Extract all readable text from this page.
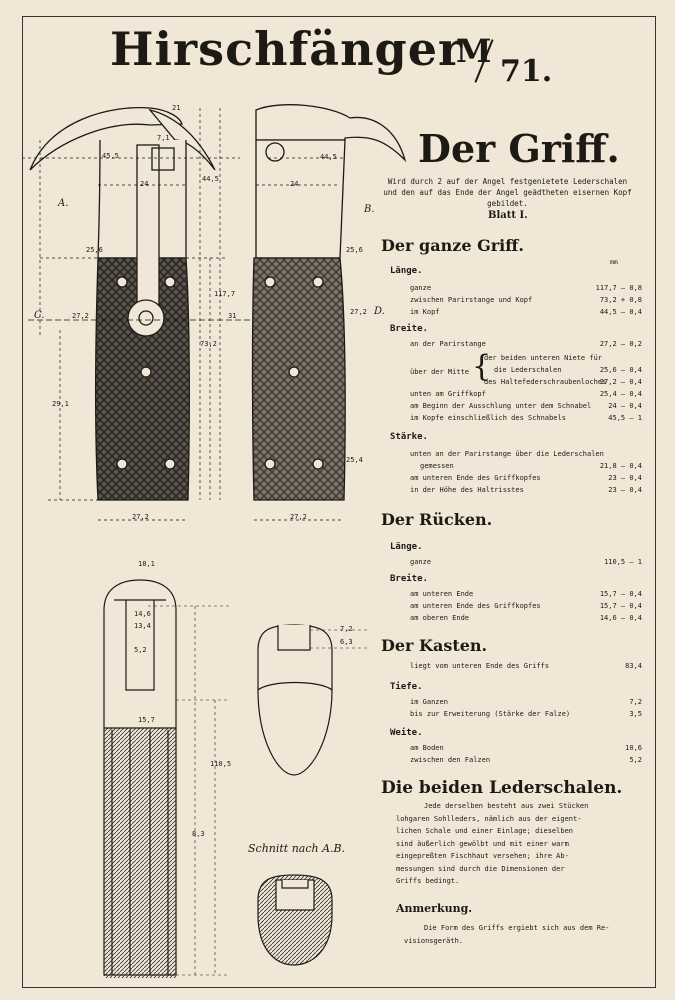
Hirschfänger
M
71.
A.
B.
C.	D.
Schnitt nach A.B.
21
7,1
45,5
24
44,5
25,6
27,2	31
117,7
73,2
29,1
27,2	27,2
44,5
24
25,6
27,2
25,4
18,1
14,6
13,4
5,2
15,7
110,5
8,3
7,2
6,3
Der Griff.
Wird durch 2 auf der Angel festgenietete Lederschalen und den auf das Ende der Angel geädtheten eisernen Kopf gebildet.
Blatt I.
Der ganze Griff.
mm
Länge.
ganze	117,7 — 0,8
zwischen Parirstange und Kopf	73,2 + 0,8
im Kopf	44,5 — 0,4
Breite.
an der Parirstange	27,2 — 0,2
über der Mitte {
der beiden unteren Niete für
die Lederschalen	25,6 — 0,4
des Haltefederschraubenloches
27,2 — 0,4
unten am Griffkopf	25,4 — 0,4
am Beginn der Ausschlung unter dem Schnabel 24 — 0,4
im Kopfe einschließlich des Schnabels	45,5 — 1
Stärke.
unten an der Parirstange über die Lederschalen
gemessen	21,8 — 0,4
am unteren Ende des Griffkopfes	23 — 0,4
in der Höhe des Haltrisstes	23 — 0,4
Der Rücken.
Länge.
ganze	110,5 — 1
Breite.
am unteren Ende	15,7 — 0,4
am unteren Ende des Griffkopfes	15,7 — 0,4
am oberen Ende	14,6 — 0,4
Der Kasten.
liegt vom unteren Ende des Griffs	83,4
Tiefe.
im Ganzen	7,2
bis zur Erweiterung (Stärke der Falze)	3,5
Weite.
am Boden	10,6
zwischen den Falzen	5,2
Die beiden Lederschalen.
Jede derselben besteht aus zwei Stücken
lohgaren Sohlleders, nämlich aus der eigent-
lichen Schale und einer Einlage; dieselben
sind äußerlich gewölbt und mit einer warm
eingepreßten Fischhaut versehen; ihre Ab-
messungen sind durch die Dimensionen der
Griffs bedingt.
Anmerkung.
Die Form des Griffs ergiebt sich aus dem Re-
visionsgeräth.
